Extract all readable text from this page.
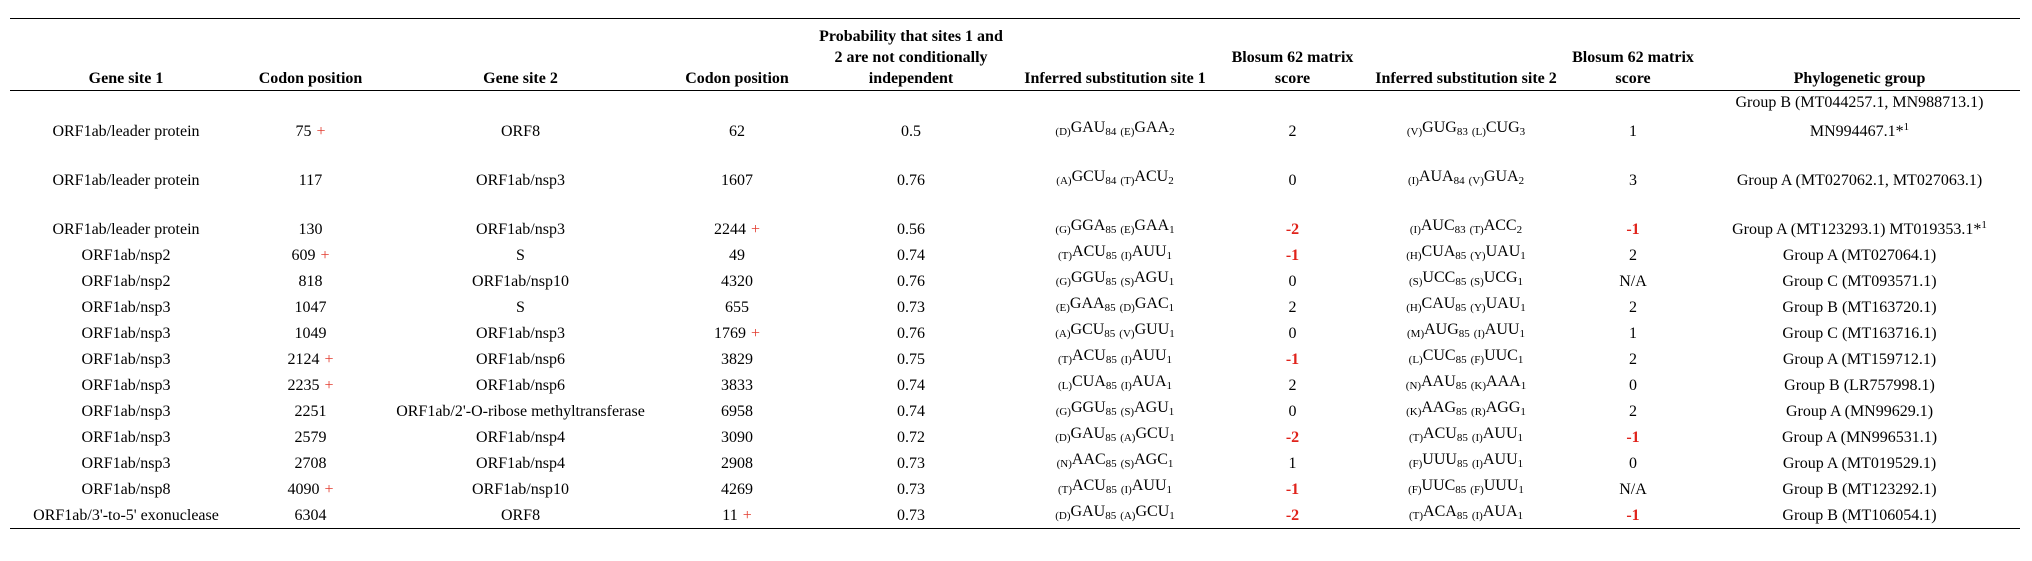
Gene site 1	Codon position	Gene site 2	Codon position	Probability that sites 1 and 2 are not conditionally independent	Inferred substitution site 1	Blosum 62 matrix score	Inferred substitution site 2	Blosum 62 matrix score	Phylogenetic group

ORF1ab/leader protein	75 +	ORF8	62	0.5	$(D)GAU_{84}$ $(E)GAA_2$	2	$(V)GUG_{83}$ $(L)CUG_3$	1	Group B (MT044257.1, MN988713.1) MN994467.1*$^1$
ORF1ab/leader protein	117	ORF1ab/nsp3	1607	0.76	$(A)GCU_{84}$ $(T)ACU_2$	0	$(I)AUA_{84}$ $(V)GUA_2$	3	Group A (MT027062.1, MT027063.1)
ORF1ab/leader protein	130	ORF1ab/nsp3	2244 +	0.56	$(G)GGA_{85}$ $(E)GAA_1$	-2	$(I)AUC_{83}$ $(T)ACC_2$	-1	Group A (MT123293.1) MT019353.1*$^1$
ORF1ab/nsp2	609 +	S	49	0.74	$(T)ACU_{85}$ $(I)AUU_1$	-1	$(H)CUA_{85}$ $(Y)UAU_1$	2	Group A (MT027064.1)
ORF1ab/nsp2	818	ORF1ab/nsp10	4320	0.76	$(G)GGU_{85}$ $(S)AGU_1$	0	$(S)UCC_{85}$ $(S)UCG_1$	N/A	Group C (MT093571.1)
ORF1ab/nsp3	1047	S	655	0.73	$(E)GAA_{85}$ $(D)GAC_1$	2	$(H)CAU_{85}$ $(Y)UAU_1$	2	Group B (MT163720.1)
ORF1ab/nsp3	1049	ORF1ab/nsp3	1769 +	0.76	$(A)GCU_{85}$ $(V)GUU_1$	0	$(M)AUG_{85}$ $(I)AUU_1$	1	Group C (MT163716.1)
ORF1ab/nsp3	2124 +	ORF1ab/nsp6	3829	0.75	$(T)ACU_{85}$ $(I)AUU_1$	-1	$(L)CUC_{85}$ $(F)UUC_1$	2	Group A (MT159712.1)
ORF1ab/nsp3	2235 +	ORF1ab/nsp6	3833	0.74	$(L)CUA_{85}$ $(I)AUA_1$	2	$(N)AAU_{85}$ $(K)AAA_1$	0	Group B (LR757998.1)
ORF1ab/nsp3	2251	ORF1ab/2'-O-ribose methyltransferase	6958	0.74	$(G)GGU_{85}$ $(S)AGU_1$	0	$(K)AAG_{85}$ $(R)AGG_1$	2	Group A (MN99629.1)
ORF1ab/nsp3	2579	ORF1ab/nsp4	3090	0.72	$(D)GAU_{85}$ $(A)GCU_1$	-2	$(T)ACU_{85}$ $(I)AUU_1$	-1	Group A (MN996531.1)
ORF1ab/nsp3	2708	ORF1ab/nsp4	2908	0.73	$(N)AAC_{85}$ $(S)AGC_1$	1	$(F)UUU_{85}$ $(I)AUU_1$	0	Group A (MT019529.1)
ORF1ab/nsp8	4090 +	ORF1ab/nsp10	4269	0.73	$(T)ACU_{85}$ $(I)AUU_1$	-1	$(F)UUC_{85}$ $(F)UUU_1$	N/A	Group B (MT123292.1)
ORF1ab/3'-to-5' exonuclease	6304	ORF8	11 +	0.73	$(D)GAU_{85}$ $(A)GCU_1$	-2	$(T)ACA_{85}$ $(I)AUA_1$	-1	Group B (MT106054.1)
